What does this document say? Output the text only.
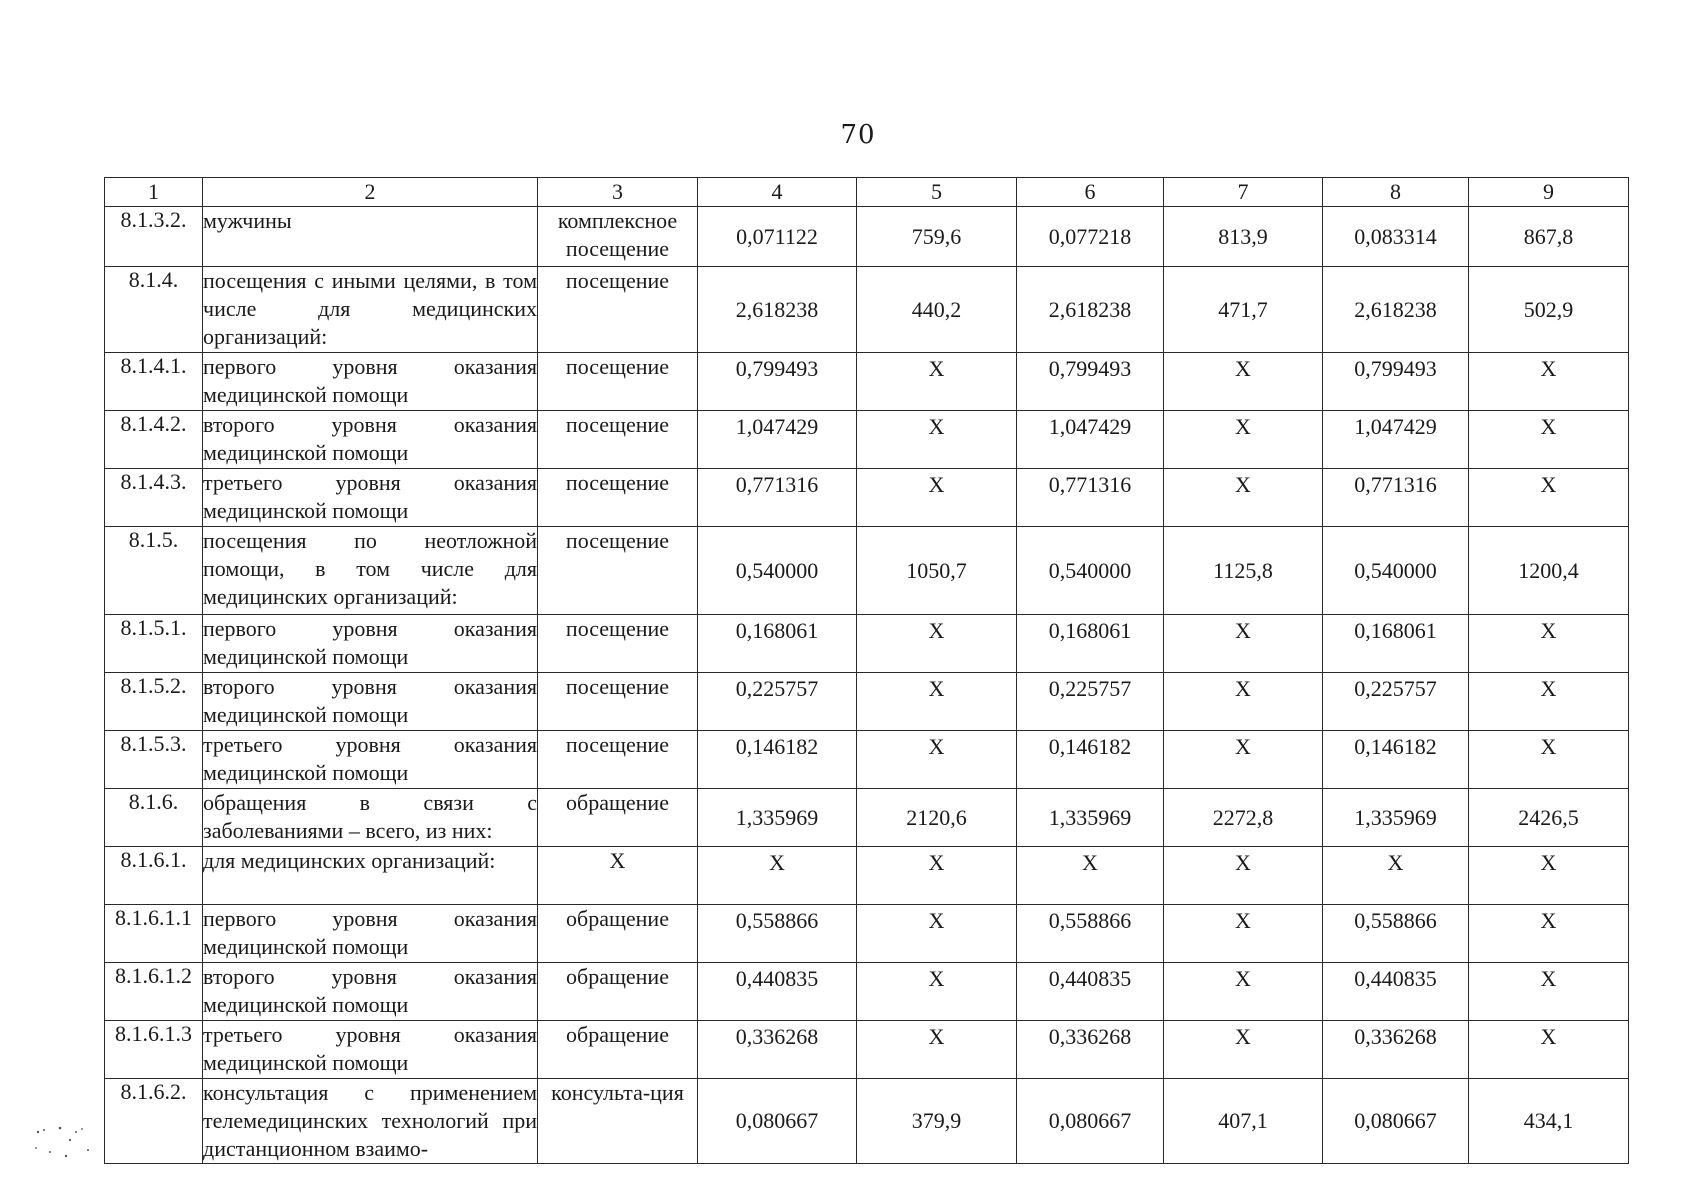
70
1	2	3	4	5	6	7	8	9
8.1.3.2.	мужчины	комплексное посещение	0,071122	759,6	0,077218	813,9	0,083314	867,8
8.1.4.	посещения с иными целями, в том числе для медицинских организаций:	посещение	2,618238	440,2	2,618238	471,7	2,618238	502,9
8.1.4.1.	первого уровня оказания медицинской помощи	посещение	0,799493	X	0,799493	X	0,799493	X
8.1.4.2.	второго уровня оказания медицинской помощи	посещение	1,047429	X	1,047429	X	1,047429	X
8.1.4.3.	третьего уровня оказания медицинской помощи	посещение	0,771316	X	0,771316	X	0,771316	X
8.1.5.	посещения по неотложной помощи, в том числе для медицинских организаций:	посещение	0,540000	1050,7	0,540000	1125,8	0,540000	1200,4
8.1.5.1.	первого уровня оказания медицинской помощи	посещение	0,168061	X	0,168061	X	0,168061	X
8.1.5.2.	второго уровня оказания медицинской помощи	посещение	0,225757	X	0,225757	X	0,225757	X
8.1.5.3.	третьего уровня оказания медицинской помощи	посещение	0,146182	X	0,146182	X	0,146182	X
8.1.6.	обращения в связи с заболеваниями – всего, из них:	обращение	1,335969	2120,6	1,335969	2272,8	1,335969	2426,5
8.1.6.1.	для медицинских организаций:	X	X	X	X	X	X	X
8.1.6.1.1	первого уровня оказания медицинской помощи	обращение	0,558866	X	0,558866	X	0,558866	X
8.1.6.1.2	второго уровня оказания медицинской помощи	обращение	0,440835	X	0,440835	X	0,440835	X
8.1.6.1.3	третьего уровня оказания медицинской помощи	обращение	0,336268	X	0,336268	X	0,336268	X
8.1.6.2.	консультация с применением телемедицинских технологий при дистанционном взаимо-	консульта-ция	0,080667	379,9	0,080667	407,1	0,080667	434,1
